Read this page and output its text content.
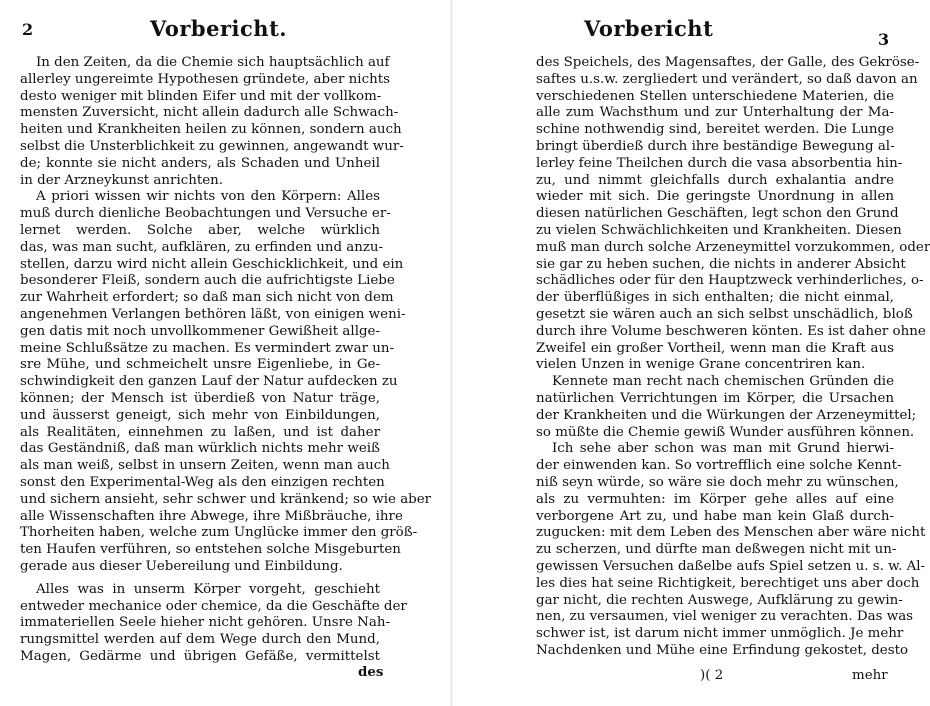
2	Vorbericht.
In den Zeiten, da die Chemie sich hauptsächlich auf
allerley ungereimte Hypothesen gründete, aber nichts
desto weniger mit blinden Eifer und mit der vollkom-
mensten Zuversicht, nicht allein dadurch alle Schwach-
heiten und Krankheiten heilen zu können, sondern auch
selbst die Unsterblichkeit zu gewinnen, angewandt wur-
de; konnte sie nicht anders, als Schaden und Unheil
in der Arzneykunst anrichten.
A priori wissen wir nichts von den Körpern: Alles
muß durch dienliche Beobachtungen und Versuche er-
lernet werden. Solche aber, welche würklich
das, was man sucht, aufklären, zu erfinden und anzu-
stellen, darzu wird nicht allein Geschicklichkeit, und ein
besonderer Fleiß, sondern auch die aufrichtigste Liebe
zur Wahrheit erfordert; so daß man sich nicht von dem
angenehmen Verlangen bethören läßt, von einigen weni-
gen datis mit noch unvollkommener Gewißheit allge-
meine Schlußsätze zu machen. Es vermindert zwar un-
sre Mühe, und schmeichelt unsre Eigenliebe, in Ge-
schwindigkeit den ganzen Lauf der Natur aufdecken zu
können; der Mensch ist überdieß von Natur träge,
und äusserst geneigt, sich mehr von Einbildungen,
als Realitäten, einnehmen zu laßen, und ist daher
das Geständniß, daß man würklich nichts mehr weiß
als man weiß, selbst in unsern Zeiten, wenn man auch
sonst den Experimental-Weg als den einzigen rechten
und sichern ansieht, sehr schwer und kränkend; so wie aber
alle Wissenschaften ihre Abwege, ihre Mißbräuche, ihre
Thorheiten haben, welche zum Unglücke immer den größ-
ten Haufen verführen, so entstehen solche Misgeburten
gerade aus dieser Uebereilung und Einbildung.
Alles was in unserm Körper vorgeht, geschieht
entweder mechanice oder chemice, da die Geschäfte der
immateriellen Seele hieher nicht gehören. Unsre Nah-
rungsmittel werden auf dem Wege durch den Mund,
Magen, Gedärme und übrigen Gefäße, vermittelst
des
Vorbericht	3
des Speichels, des Magensaftes, der Galle, des Gekröse-
saftes u.s.w. zergliedert und verändert, so daß davon an
verschiedenen Stellen unterschiedene Materien, die
alle zum Wachsthum und zur Unterhaltung der Ma-
schine nothwendig sind, bereitet werden. Die Lunge
bringt überdieß durch ihre beständige Bewegung al-
lerley feine Theilchen durch die vasa absorbentia hin-
zu, und nimmt gleichfalls durch exhalantia andre
wieder mit sich. Die geringste Unordnung in allen
diesen natürlichen Geschäften, legt schon den Grund
zu vielen Schwächlichkeiten und Krankheiten. Diesen
muß man durch solche Arzeneymittel vorzukommen, oder
sie gar zu heben suchen, die nichts in anderer Absicht
schädliches oder für den Hauptzweck verhinderliches, o-
der überflüßiges in sich enthalten; die nicht einmal,
gesetzt sie wären auch an sich selbst unschädlich, bloß
durch ihre Volume beschweren könten. Es ist daher ohne
Zweifel ein großer Vortheil, wenn man die Kraft aus
vielen Unzen in wenige Grane concentriren kan.
Kennete man recht nach chemischen Gründen die
natürlichen Verrichtungen im Körper, die Ursachen
der Krankheiten und die Würkungen der Arzeneymittel;
so müßte die Chemie gewiß Wunder ausführen können.
Ich sehe aber schon was man mit Grund hierwi-
der einwenden kan. So vortrefflich eine solche Kennt-
niß seyn würde, so wäre sie doch mehr zu wünschen,
als zu vermuhten: im Körper gehe alles auf eine
verborgene Art zu, und habe man kein Glaß durch-
zugucken: mit dem Leben des Menschen aber wäre nicht
zu scherzen, und dürfte man deßwegen nicht mit un-
gewissen Versuchen daßelbe aufs Spiel setzen u. s. w. Al-
les dies hat seine Richtigkeit, berechtiget uns aber doch
gar nicht, die rechten Auswege, Aufklärung zu gewin-
nen, zu versaumen, viel weniger zu verachten. Das was
schwer ist, ist darum nicht immer unmöglich. Je mehr
Nachdenken und Mühe eine Erfindung gekostet, desto
)( 2	mehr
